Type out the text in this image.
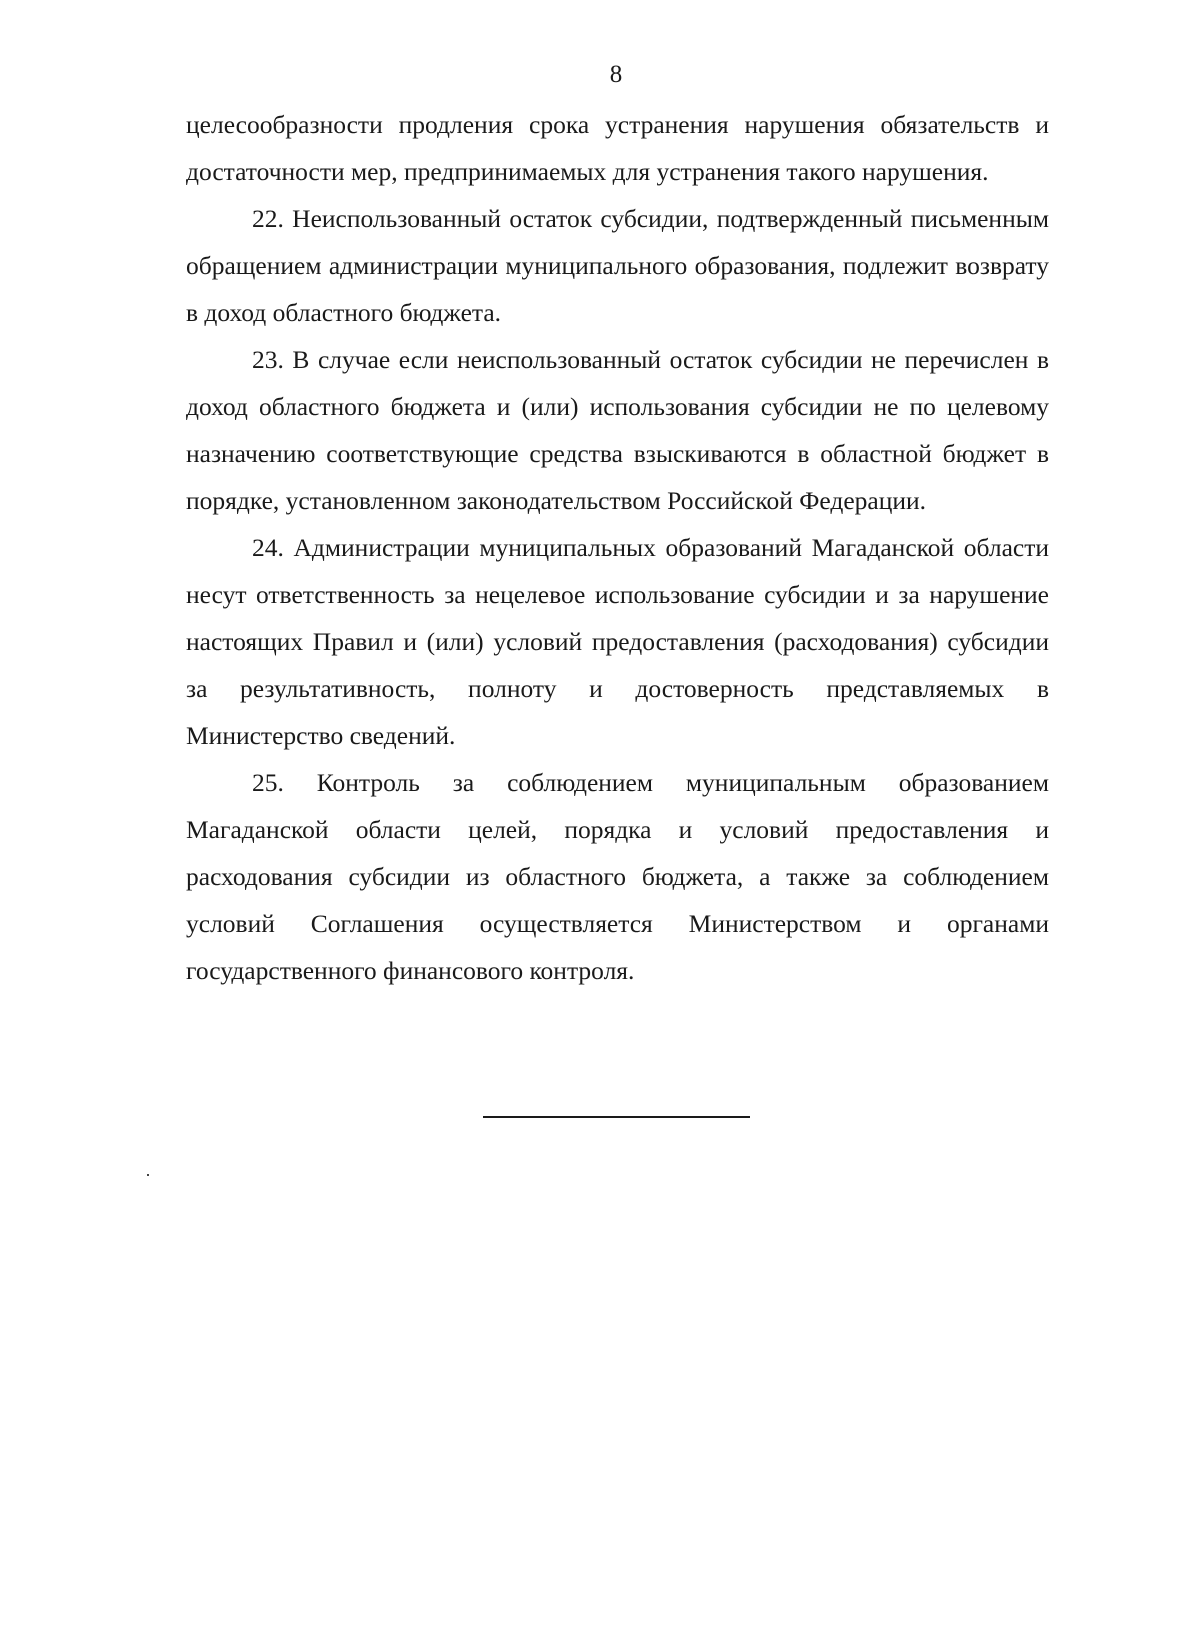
8

целесообразности продления срока устранения нарушения обязательств и достаточности мер, предпринимаемых для устранения такого нарушения.

22. Неиспользованный остаток субсидии, подтвержденный письменным обращением администрации муниципального образования, подлежит возврату в доход областного бюджета.

23. В случае если неиспользованный остаток субсидии не перечислен в доход областного бюджета и (или) использования субсидии не по целевому назначению соответствующие средства взыскиваются в областной бюджет в порядке, установленном законодательством Российской Федерации.

24. Администрации муниципальных образований Магаданской области несут ответственность за нецелевое использование субсидии и за нарушение настоящих Правил и (или) условий предоставления (расходования) субсидии за результативность, полноту и достоверность представляемых в Министерство сведений.

25. Контроль за соблюдением муниципальным образованием Магаданской области целей, порядка и условий предоставления и расходования субсидии из областного бюджета, а также за соблюдением условий Соглашения осуществляется Министерством и органами государственного финансового контроля.
